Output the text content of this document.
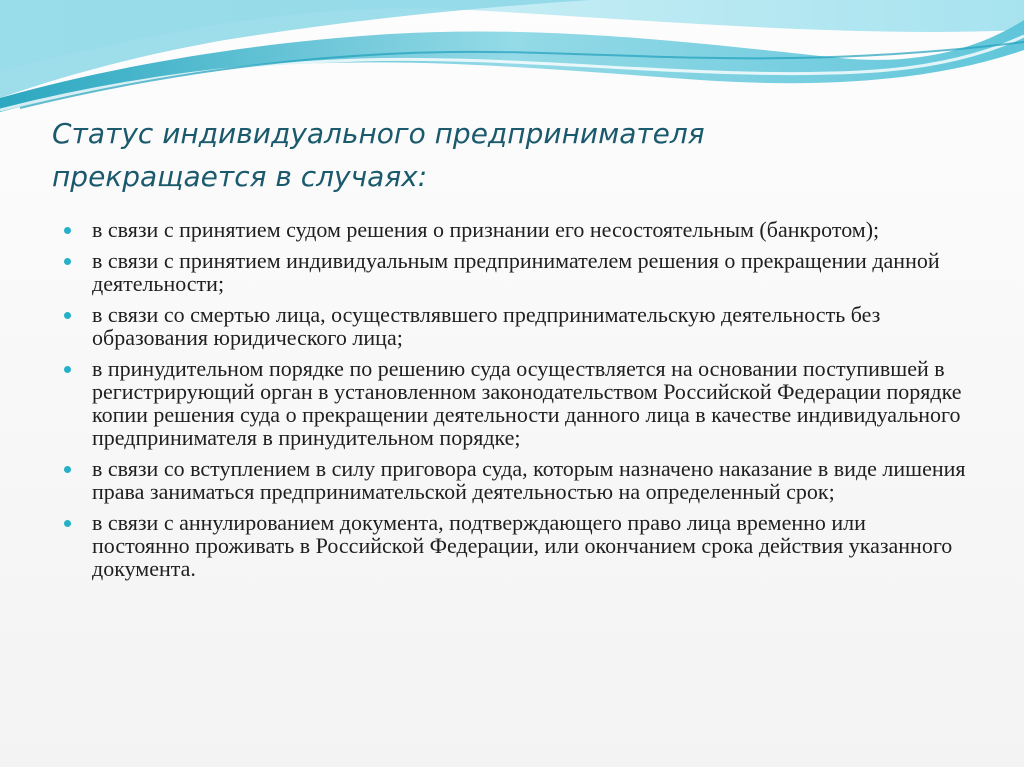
Статус индивидуального предпринимателя
прекращается в случаях:
в связи с принятием судом решения о признании его несостоятельным (банкротом);
в связи с принятием индивидуальным предпринимателем решения о прекращении данной деятельности;
в связи со смертью лица, осуществлявшего предпринимательскую деятельность без образования юридического лица;
в принудительном порядке по решению суда осуществляется на основании поступившей в регистрирующий орган в установленном законодательством Российской Федерации порядке копии решения суда о прекращении деятельности данного лица в качестве индивидуального предпринимателя в принудительном порядке;
в связи со вступлением в силу приговора суда, которым назначено наказание в виде лишения права заниматься предпринимательской деятельностью на определенный срок;
в связи с аннулированием документа, подтверждающего право лица временно или постоянно проживать в Российской Федерации, или окончанием срока действия указанного документа.
